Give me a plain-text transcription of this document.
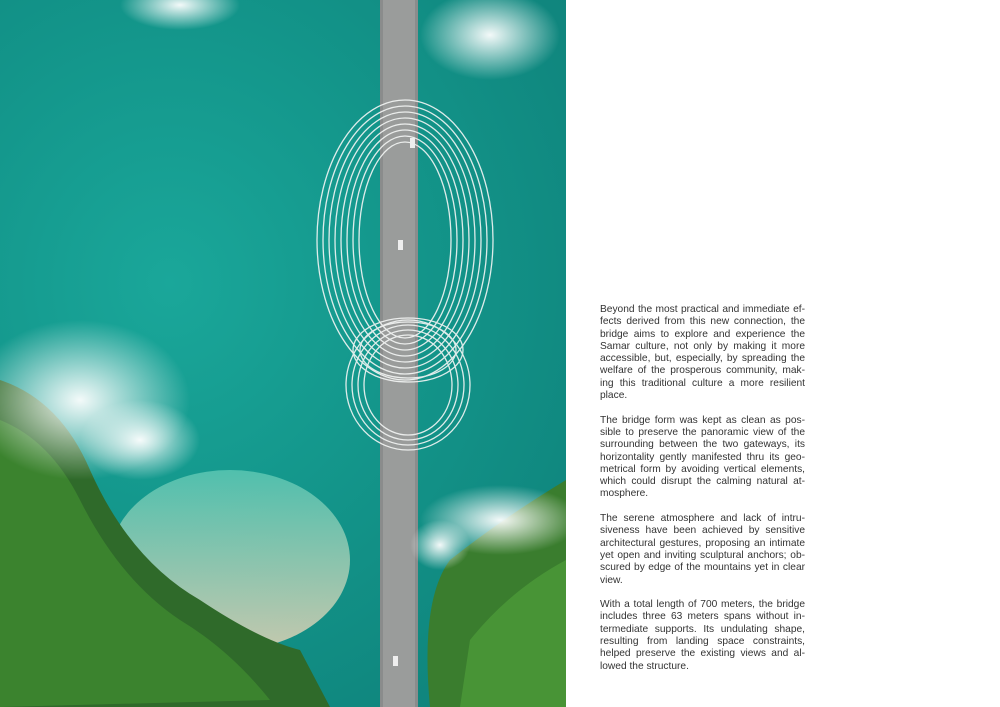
Beyond the most practical and immediate ef-
fects derived from this new connection, the
bridge aims to explore and experience the
Samar culture, not only by making it more
accessible, but, especially, by spreading the
welfare of the prosperous community, mak-
ing this traditional culture a more resilient
place.
The bridge form was kept as clean as pos-
sible to preserve the panoramic view of the
surrounding between the two gateways, its
horizontality gently manifested thru its geo-
metrical form by avoiding vertical elements,
which could disrupt the calming natural at-
mosphere.
The serene atmosphere and lack of intru-
siveness have been achieved by sensitive
architectural gestures, proposing an intimate
yet open and inviting sculptural anchors; ob-
scured by edge of the mountains yet in clear
view.
With a total length of 700 meters, the bridge
includes three 63 meters spans without in-
termediate supports. Its undulating shape,
resulting from landing space constraints,
helped preserve the existing views and al-
lowed the structure.
